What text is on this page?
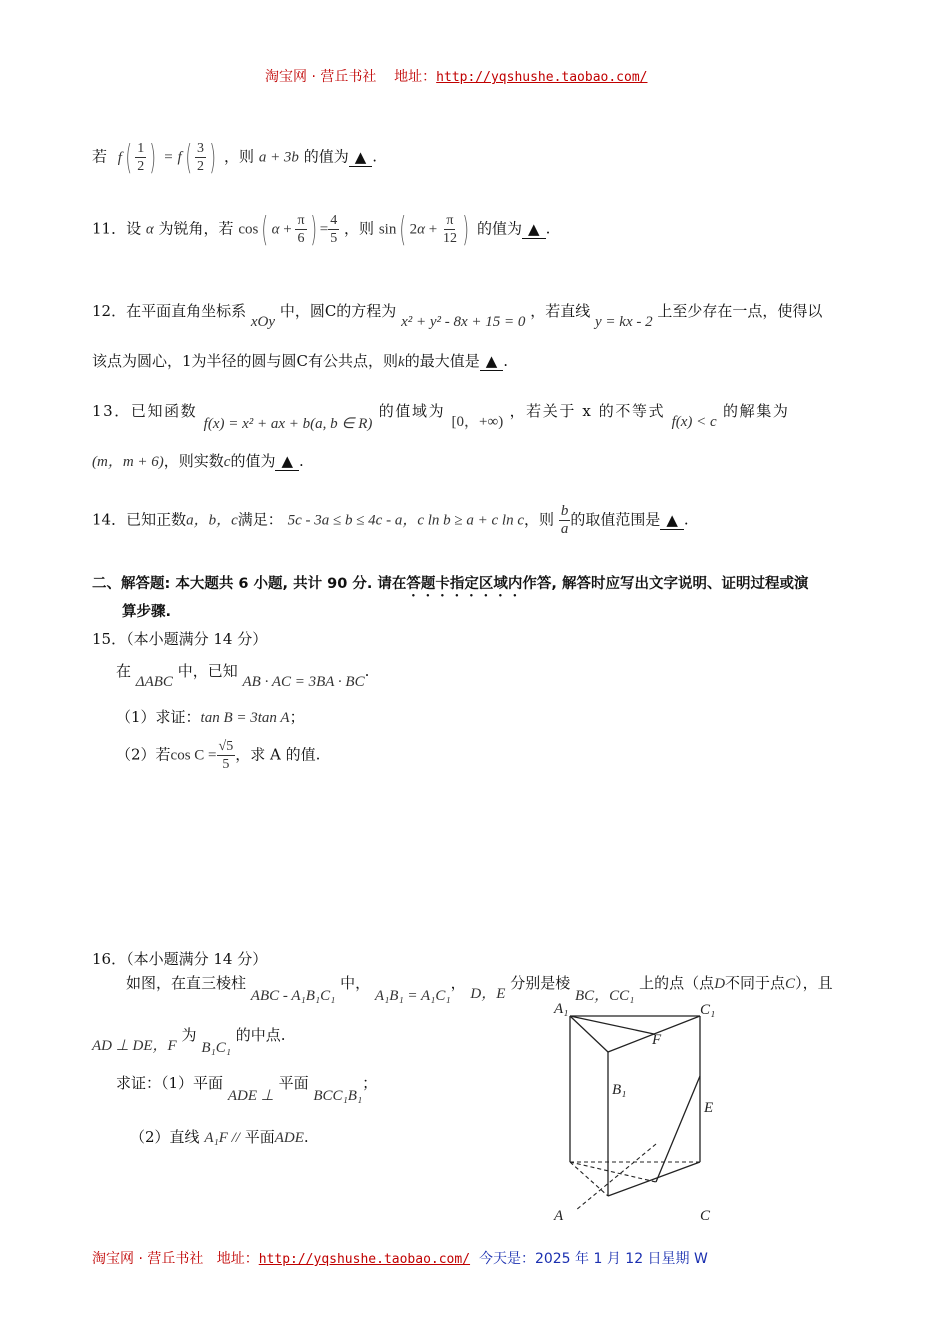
淘宝网 · 营丘书社 地址：http://yqshushe.taobao.com/
若 $f( \frac{1}{2}$ ) = $f( \frac{3}{2}$ ) ，则 a + 3b 的值为 ▲ .
11．设 α 为锐角，若 cos( $\alpha + \frac{\pi}{6}$ ) = $\frac{4}{5}$ ，则 sin( $2\alpha + \frac{\pi}{12}$ ) 的值为 ▲ .
12．在平面直角坐标系 xOy 中，圆C的方程为 x² + y² - 8x + 15 = 0 ，若直线 y = kx - 2 上至少存在一点，使得以
该点为圆心，1为半径的圆与圆C有公共点，则k的最大值是 ▲ .
13．已知函数 f(x) = x² + ax + b(a, b ∈ R) 的值域为 [0，+∞) ，若关于 x 的不等式 f(x) < c 的解集为
(m，m + 6)，则实数c的值为 ▲ .
14．已知正数a，b，c满足： 5c - 3a ≤ b ≤ 4c - a，c ln b ≥ a + c ln c，则 $\frac{b}{a}$ 的取值范围是 ▲ .
二、解答题: 本大题共 6 小题, 共计 90 分. 请在答题卡指定区域内作答, 解答时应写出文字说明、证明过程或演
算步骤.
15．（本小题满分 14 分）
在 ΔABC 中，已知 AB · AC = 3BA · BC.
（1）求证：tan B = 3tan A；
（2）若$\cos C = \frac{√5}{5}$ ，求 A 的值.
16．（本小题满分 14 分）
如图，在直三棱柱 ABC - A₁B₁C₁ 中， A₁B₁ = A₁C₁， D，E 分别是棱 BC，CC₁ 上的点（点D不同于点C），且
AD ⊥ DE，F 为 B₁C₁ 的中点.
求证：（1）平面 ADE ⊥ 平面 BCC₁B₁；
（2）直线 A₁F // 平面ADE.
A₁	C₁
F
B₁
E
A	C
淘宝网 · 营丘书社 地址：http://yqshushe.taobao.com/ 今天是：2025 年 1 月 12 日星期 W
